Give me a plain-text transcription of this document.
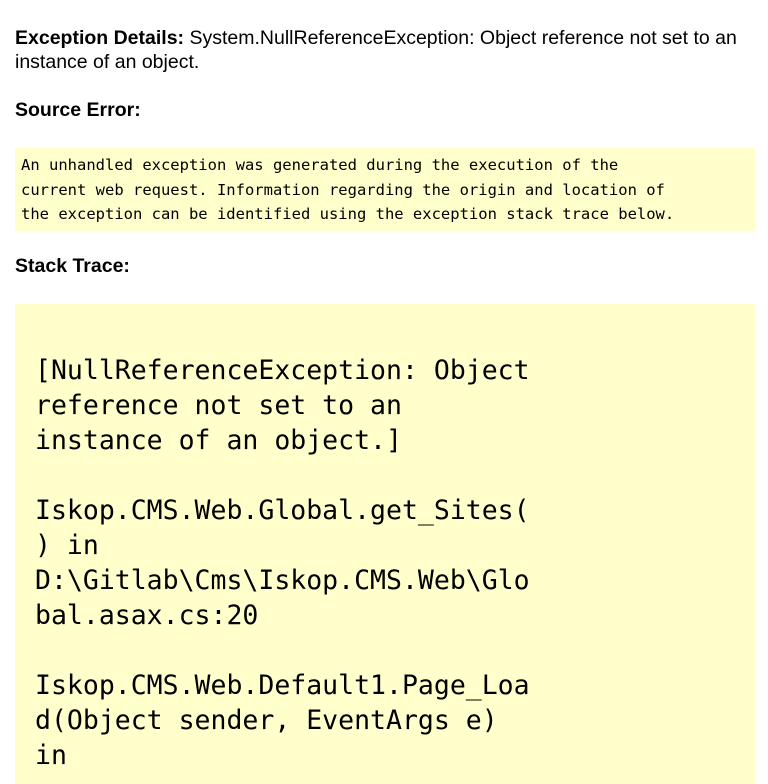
Exception Details: System.NullReferenceException: Object reference not set to an instance of an object.
Source Error:
An unhandled exception was generated during the execution of the
current web request. Information regarding the origin and location of
the exception can be identified using the exception stack trace below.
Stack Trace:
[NullReferenceException: Object
reference not set to an
instance of an object.]
Iskop.CMS.Web.Global.get_Sites(
) in
D:\Gitlab\Cms\Iskop.CMS.Web\Glo
bal.asax.cs:20
Iskop.CMS.Web.Default1.Page_Loa
d(Object sender, EventArgs e)
in
